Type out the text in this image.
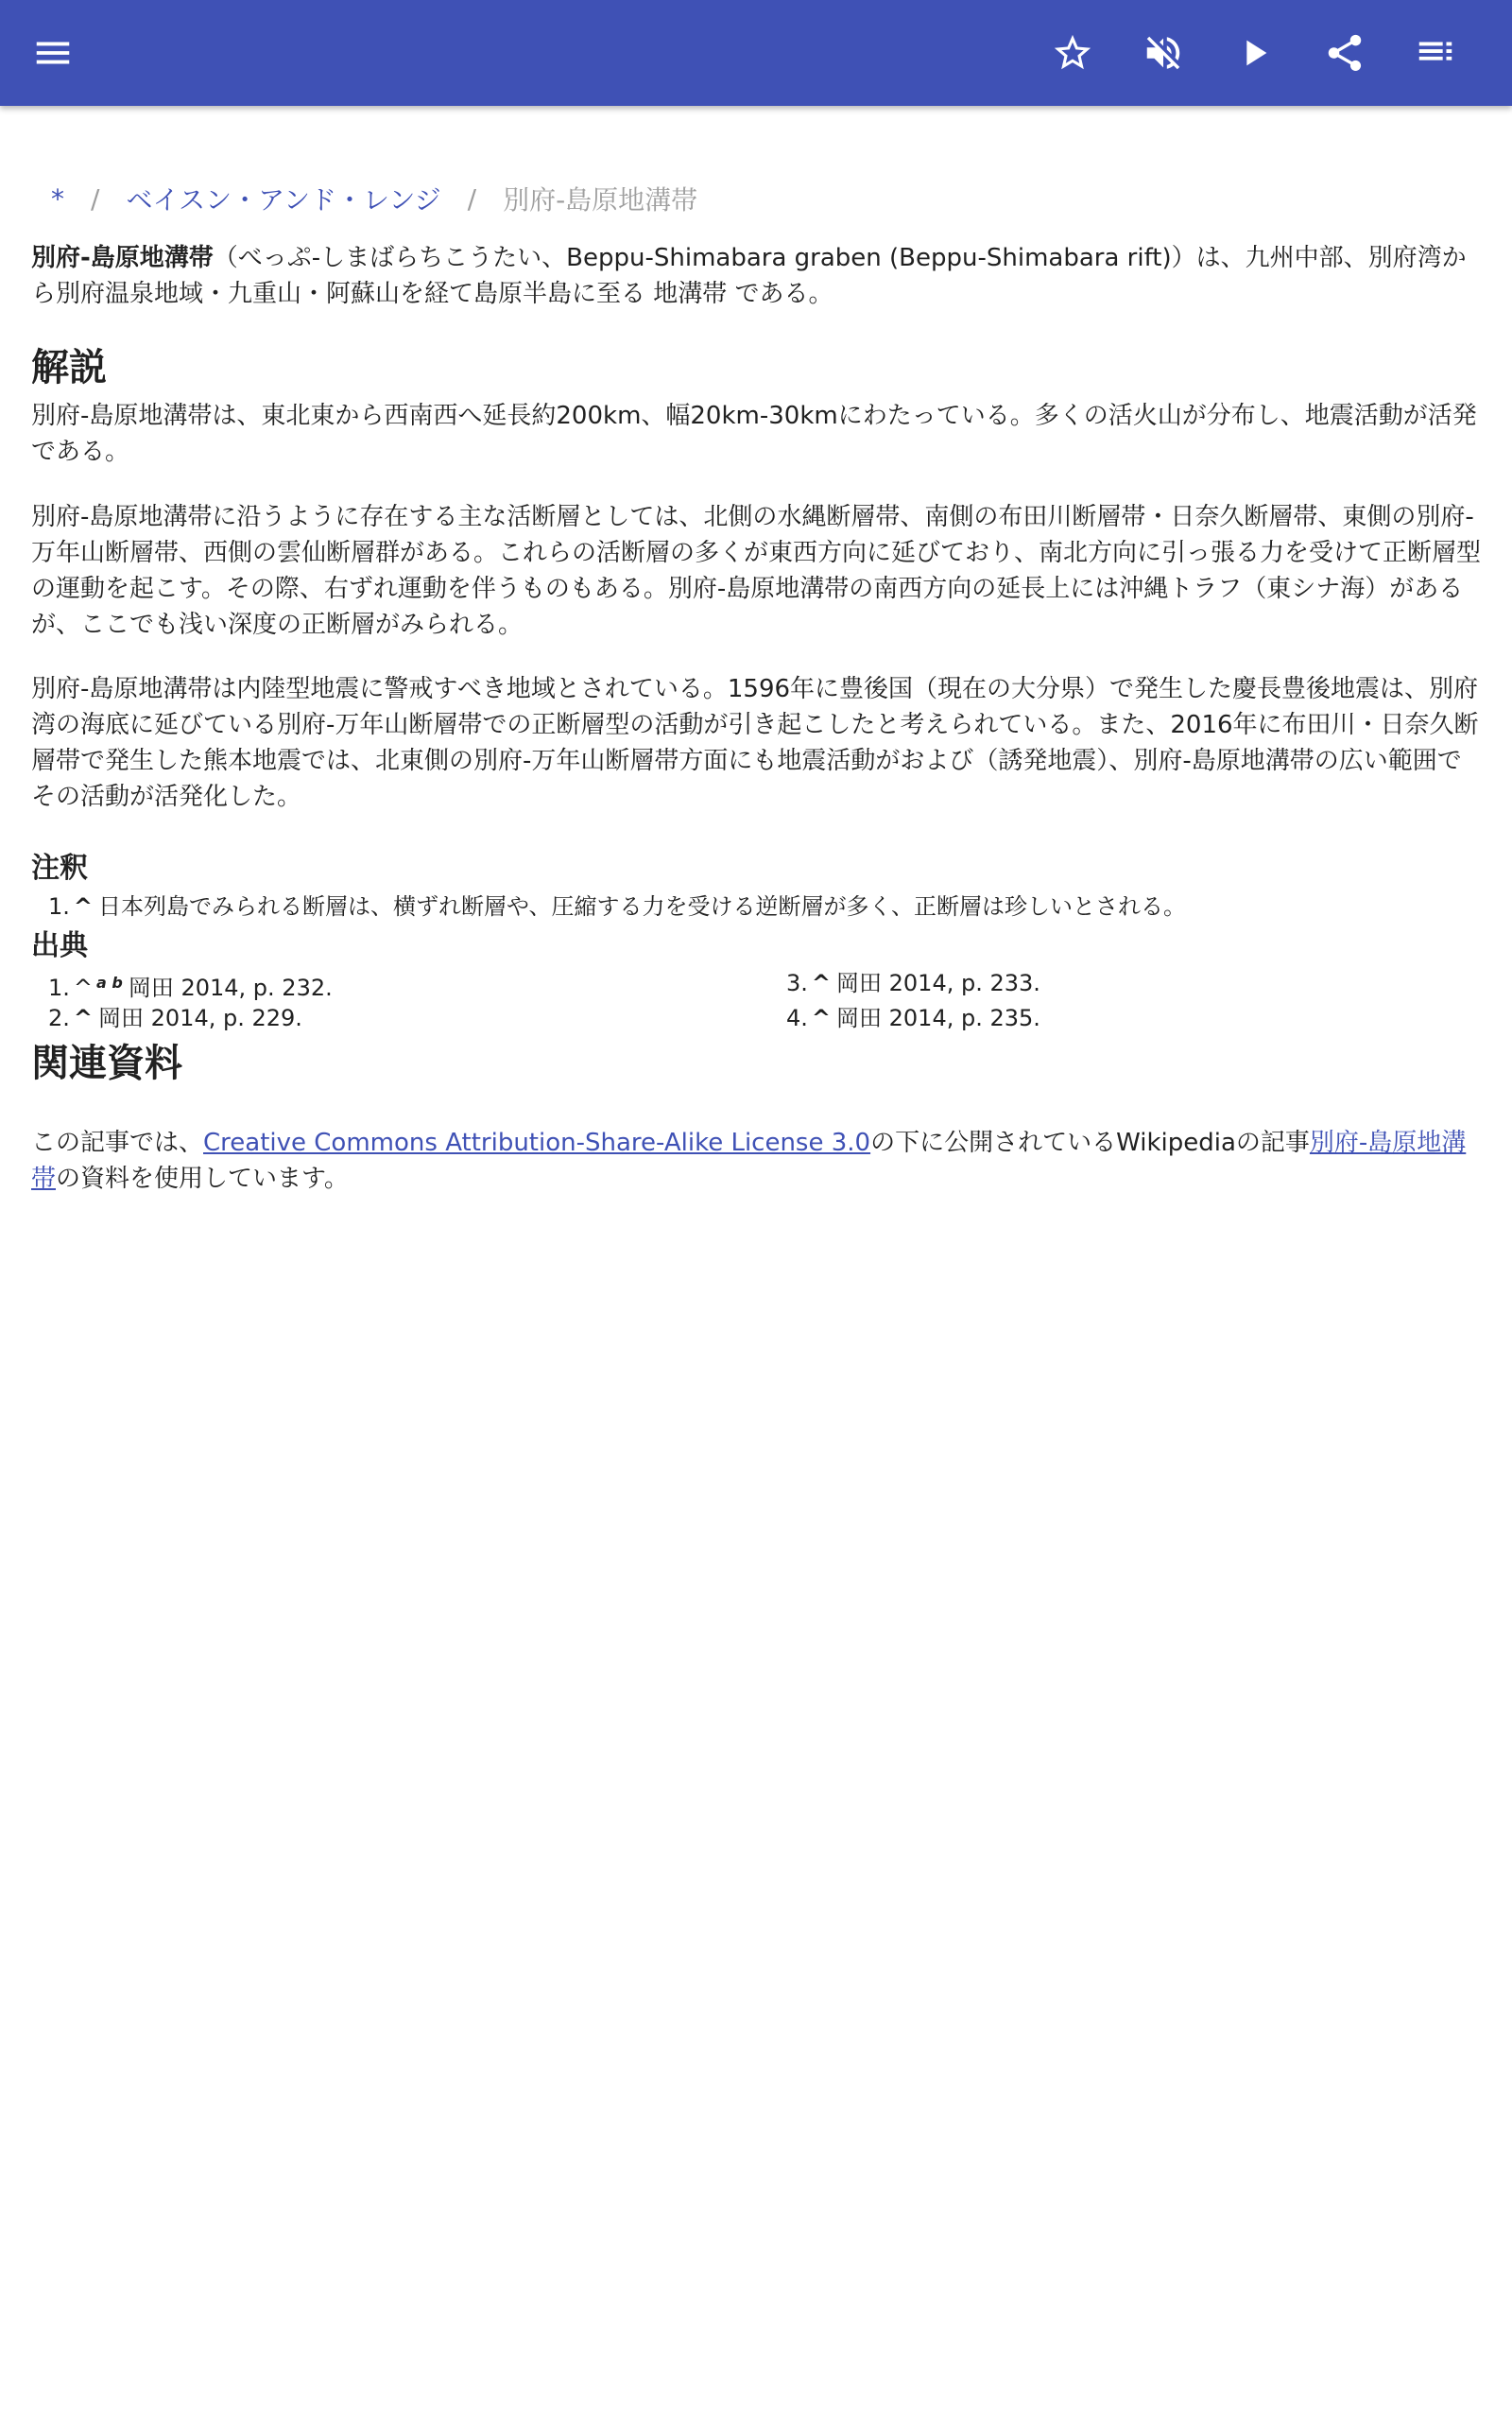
* / ベイスン・アンド・レンジ / 別府-島原地溝帯

別府-島原地溝帯（べっぷ-しまばらちこうたい、Beppu-Shimabara graben (Beppu-Shimabara rift)）は、九州中部、別府湾から別府温泉地域・九重山・阿蘇山を経て島原半島に至る 地溝帯 である。

解説

別府-島原地溝帯は、東北東から西南西へ延長約200km、幅20km-30kmにわたっている。多くの活火山が分布し、地震活動が活発である。

別府-島原地溝帯に沿うように存在する主な活断層としては、北側の水縄断層帯、南側の布田川断層帯・日奈久断層帯、東側の別府-万年山断層帯、西側の雲仙断層群がある。これらの活断層の多くが東西方向に延びており、南北方向に引っ張る力を受けて正断層型の運動を起こす。その際、右ずれ運動を伴うものもある。別府-島原地溝帯の南西方向の延長上には沖縄トラフ（東シナ海）があるが、ここでも浅い深度の正断層がみられる。

別府-島原地溝帯は内陸型地震に警戒すべき地域とされている。1596年に豊後国（現在の大分県）で発生した慶長豊後地震は、別府湾の海底に延びている別府-万年山断層帯での正断層型の活動が引き起こしたと考えられている。また、2016年に布田川・日奈久断層帯で発生した熊本地震では、北東側の別府-万年山断層帯方面にも地震活動がおよび（誘発地震）、別府‐島原地溝帯の広い範囲でその活動が活発化した。

注釈
1. ^ 日本列島でみられる断層は、横ずれ断層や、圧縮する力を受ける逆断層が多く、正断層は珍しいとされる。
出典
1. ^ $^{a b}$ 岡田 2014, p. 232.
2. ^ 岡田 2014, p. 229.
3. ^ 岡田 2014, p. 233.
4. ^ 岡田 2014, p. 235.
関連資料

この記事では、Creative Commons Attribution-Share-Alike License 3.0の下に公開されているWikipediaの記事別府-島原地溝帯の資料を使用しています。
